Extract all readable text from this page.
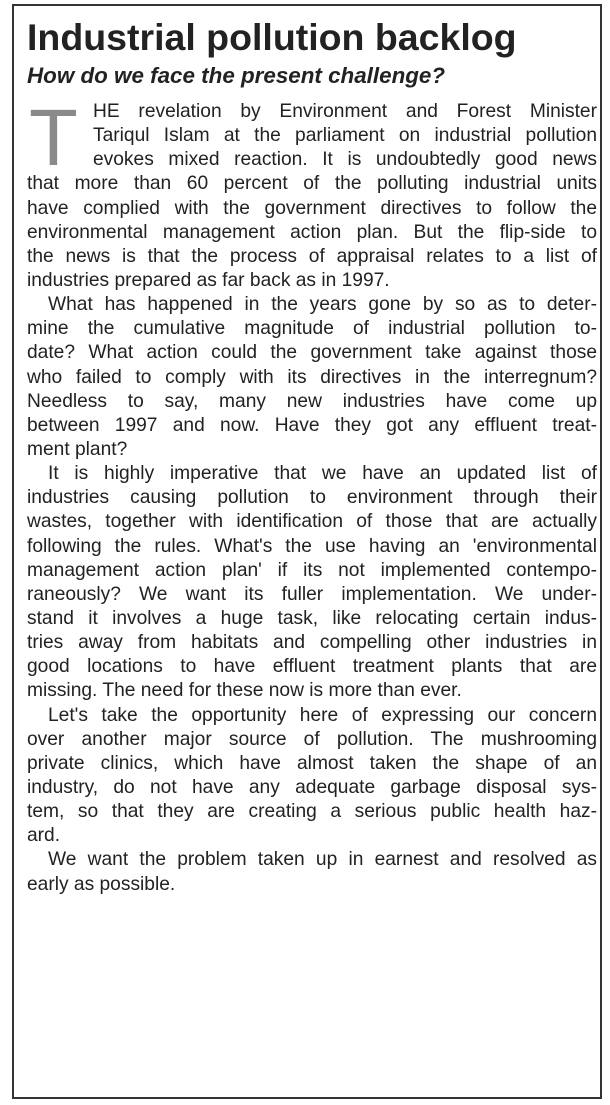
Industrial pollution backlog
How do we face the present challenge?
T HE revelation by Environment and Forest Minister
Tariqul Islam at the parliament on industrial pollution
evokes mixed reaction. It is undoubtedly good news
that more than 60 percent of the polluting industrial units
have complied with the government directives to follow the
environmental management action plan. But the flip-side to
the news is that the process of appraisal relates to a list of
industries prepared as far back as in 1997.
What has happened in the years gone by so as to deter-
mine the cumulative magnitude of industrial pollution to-
date? What action could the government take against those
who failed to comply with its directives in the interregnum?
Needless to say, many new industries have come up
between 1997 and now. Have they got any effluent treat-
ment plant?
It is highly imperative that we have an updated list of
industries causing pollution to environment through their
wastes, together with identification of those that are actually
following the rules. What's the use having an 'environmental
management action plan' if its not implemented contempo-
raneously? We want its fuller implementation. We under-
stand it involves a huge task, like relocating certain indus-
tries away from habitats and compelling other industries in
good locations to have effluent treatment plants that are
missing. The need for these now is more than ever.
Let's take the opportunity here of expressing our concern
over another major source of pollution. The mushrooming
private clinics, which have almost taken the shape of an
industry, do not have any adequate garbage disposal sys-
tem, so that they are creating a serious public health haz-
ard.
We want the problem taken up in earnest and resolved as
early as possible.
